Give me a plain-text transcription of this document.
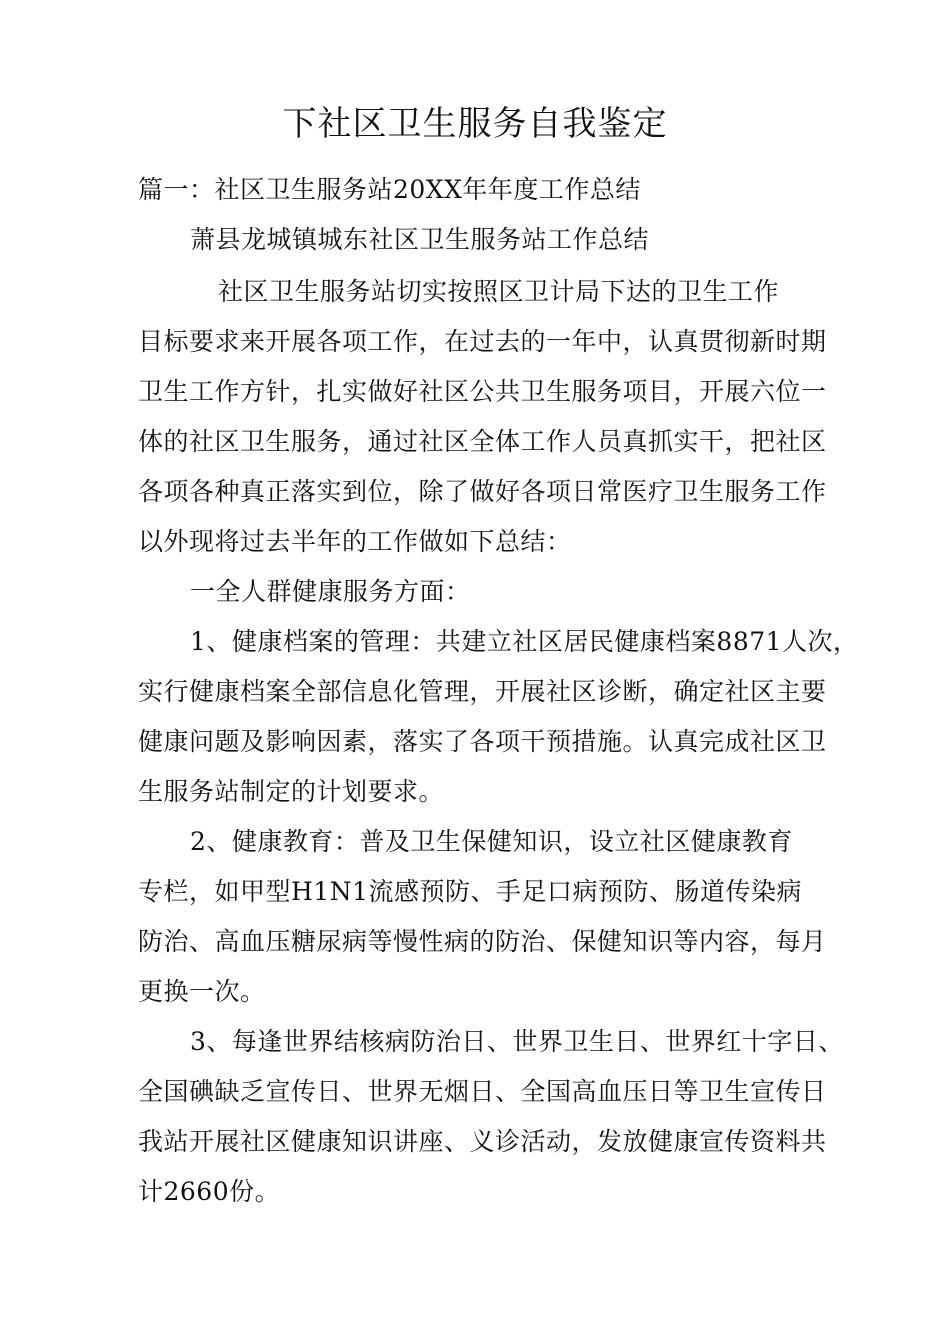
下社区卫生服务自我鉴定
篇一：社区卫生服务站20XX年年度工作总结
萧县龙城镇城东社区卫生服务站工作总结
社区卫生服务站切实按照区卫计局下达的卫生工作
目标要求来开展各项工作，在过去的一年中，认真贯彻新时期
卫生工作方针，扎实做好社区公共卫生服务项目，开展六位一
体的社区卫生服务，通过社区全体工作人员真抓实干，把社区
各项各种真正落实到位，除了做好各项日常医疗卫生服务工作
以外现将过去半年的工作做如下总结：
一全人群健康服务方面：
1、健康档案的管理：共建立社区居民健康档案8871人次，
实行健康档案全部信息化管理，开展社区诊断，确定社区主要
健康问题及影响因素，落实了各项干预措施。认真完成社区卫
生服务站制定的计划要求。
2、健康教育：普及卫生保健知识，设立社区健康教育
专栏，如甲型H1N1流感预防、手足口病预防、肠道传染病
防治、高血压糖尿病等慢性病的防治、保健知识等内容，每月
更换一次。
3、每逢世界结核病防治日、世界卫生日、世界红十字日、
全国碘缺乏宣传日、世界无烟日、全国高血压日等卫生宣传日
我站开展社区健康知识讲座、义诊活动，发放健康宣传资料共
计2660份。
